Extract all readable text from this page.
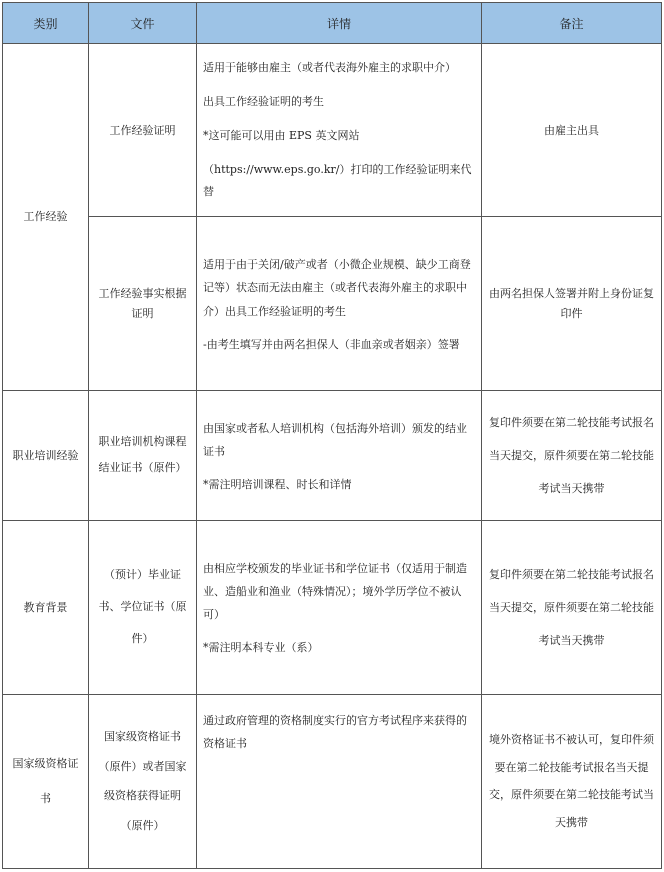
类别	文件	详情	备注
工作经验	工作经验证明	适用于能够由雇主（或者代表海外雇主的求职中介）

出具工作经验证明的考生

*这可能可以用由 EPS 英文网站

（https://www.eps.go.kr/）打印的工作经验证明来代替	由雇主出具
	工作经验事实根据证明	适用于由于关闭/破产或者（小微企业规模、缺少工商登记等）状态而无法由雇主（或者代表海外雇主的求职中介）出具工作经验证明的考生

-由考生填写并由两名担保人（非血亲或者姻亲）签署	由两名担保人签署并附上身份证复印件
职业培训经验	职业培训机构课程结业证书（原件）	由国家或者私人培训机构（包括海外培训）颁发的结业证书

*需注明培训课程、时长和详情	复印件须要在第二轮技能考试报名当天提交，原件须要在第二轮技能考试当天携带
教育背景	（预计）毕业证书、学位证书（原件）	由相应学校颁发的毕业证书和学位证书（仅适用于制造业、造船业和渔业（特殊情况）；境外学历学位不被认可）

*需注明本科专业（系）	复印件须要在第二轮技能考试报名当天提交，原件须要在第二轮技能考试当天携带
国家级资格证书	国家级资格证书（原件）或者国家级资格获得证明（原件）	通过政府管理的资格制度实行的官方考试程序来获得的资格证书	境外资格证书不被认可，复印件须要在第二轮技能考试报名当天提交，原件须要在第二轮技能考试当天携带
